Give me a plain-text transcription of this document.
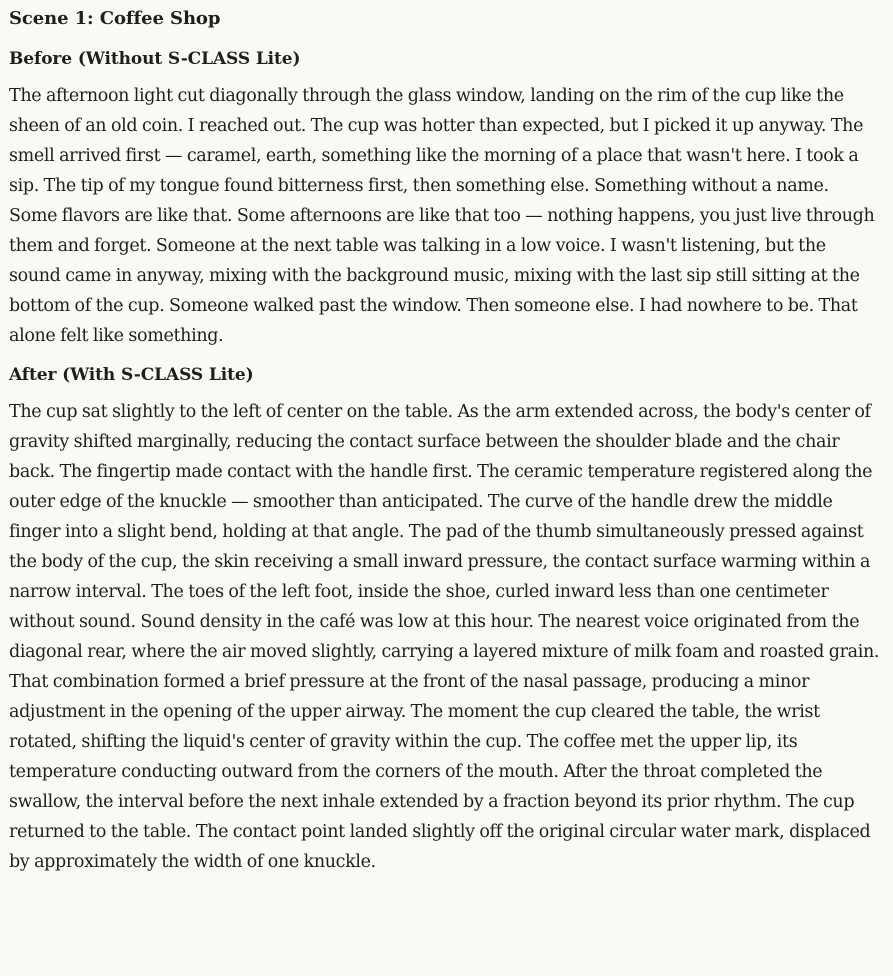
Scene 1: Coffee Shop
Before (Without S-CLASS Lite)

The afternoon light cut diagonally through the glass window, landing on the rim of the cup like the sheen of an old coin. I reached out. The cup was hotter than expected, but I picked it up anyway. The smell arrived first — caramel, earth, something like the morning of a place that wasn't here. I took a sip. The tip of my tongue found bitterness first, then something else. Something without a name. Some flavors are like that. Some afternoons are like that too — nothing happens, you just live through them and forget. Someone at the next table was talking in a low voice. I wasn't listening, but the sound came in anyway, mixing with the background music, mixing with the last sip still sitting at the bottom of the cup. Someone walked past the window. Then someone else. I had nowhere to be. That alone felt like something.

After (With S-CLASS Lite)

The cup sat slightly to the left of center on the table. As the arm extended across, the body's center of gravity shifted marginally, reducing the contact surface between the shoulder blade and the chair back. The fingertip made contact with the handle first. The ceramic temperature registered along the outer edge of the knuckle — smoother than anticipated. The curve of the handle drew the middle finger into a slight bend, holding at that angle. The pad of the thumb simultaneously pressed against the body of the cup, the skin receiving a small inward pressure, the contact surface warming within a narrow interval. The toes of the left foot, inside the shoe, curled inward less than one centimeter without sound. Sound density in the café was low at this hour. The nearest voice originated from the diagonal rear, where the air moved slightly, carrying a layered mixture of milk foam and roasted grain. That combination formed a brief pressure at the front of the nasal passage, producing a minor adjustment in the opening of the upper airway. The moment the cup cleared the table, the wrist rotated, shifting the liquid's center of gravity within the cup. The coffee met the upper lip, its temperature conducting outward from the corners of the mouth. After the throat completed the swallow, the interval before the next inhale extended by a fraction beyond its prior rhythm. The cup returned to the table. The contact point landed slightly off the original circular water mark, displaced by approximately the width of one knuckle.
